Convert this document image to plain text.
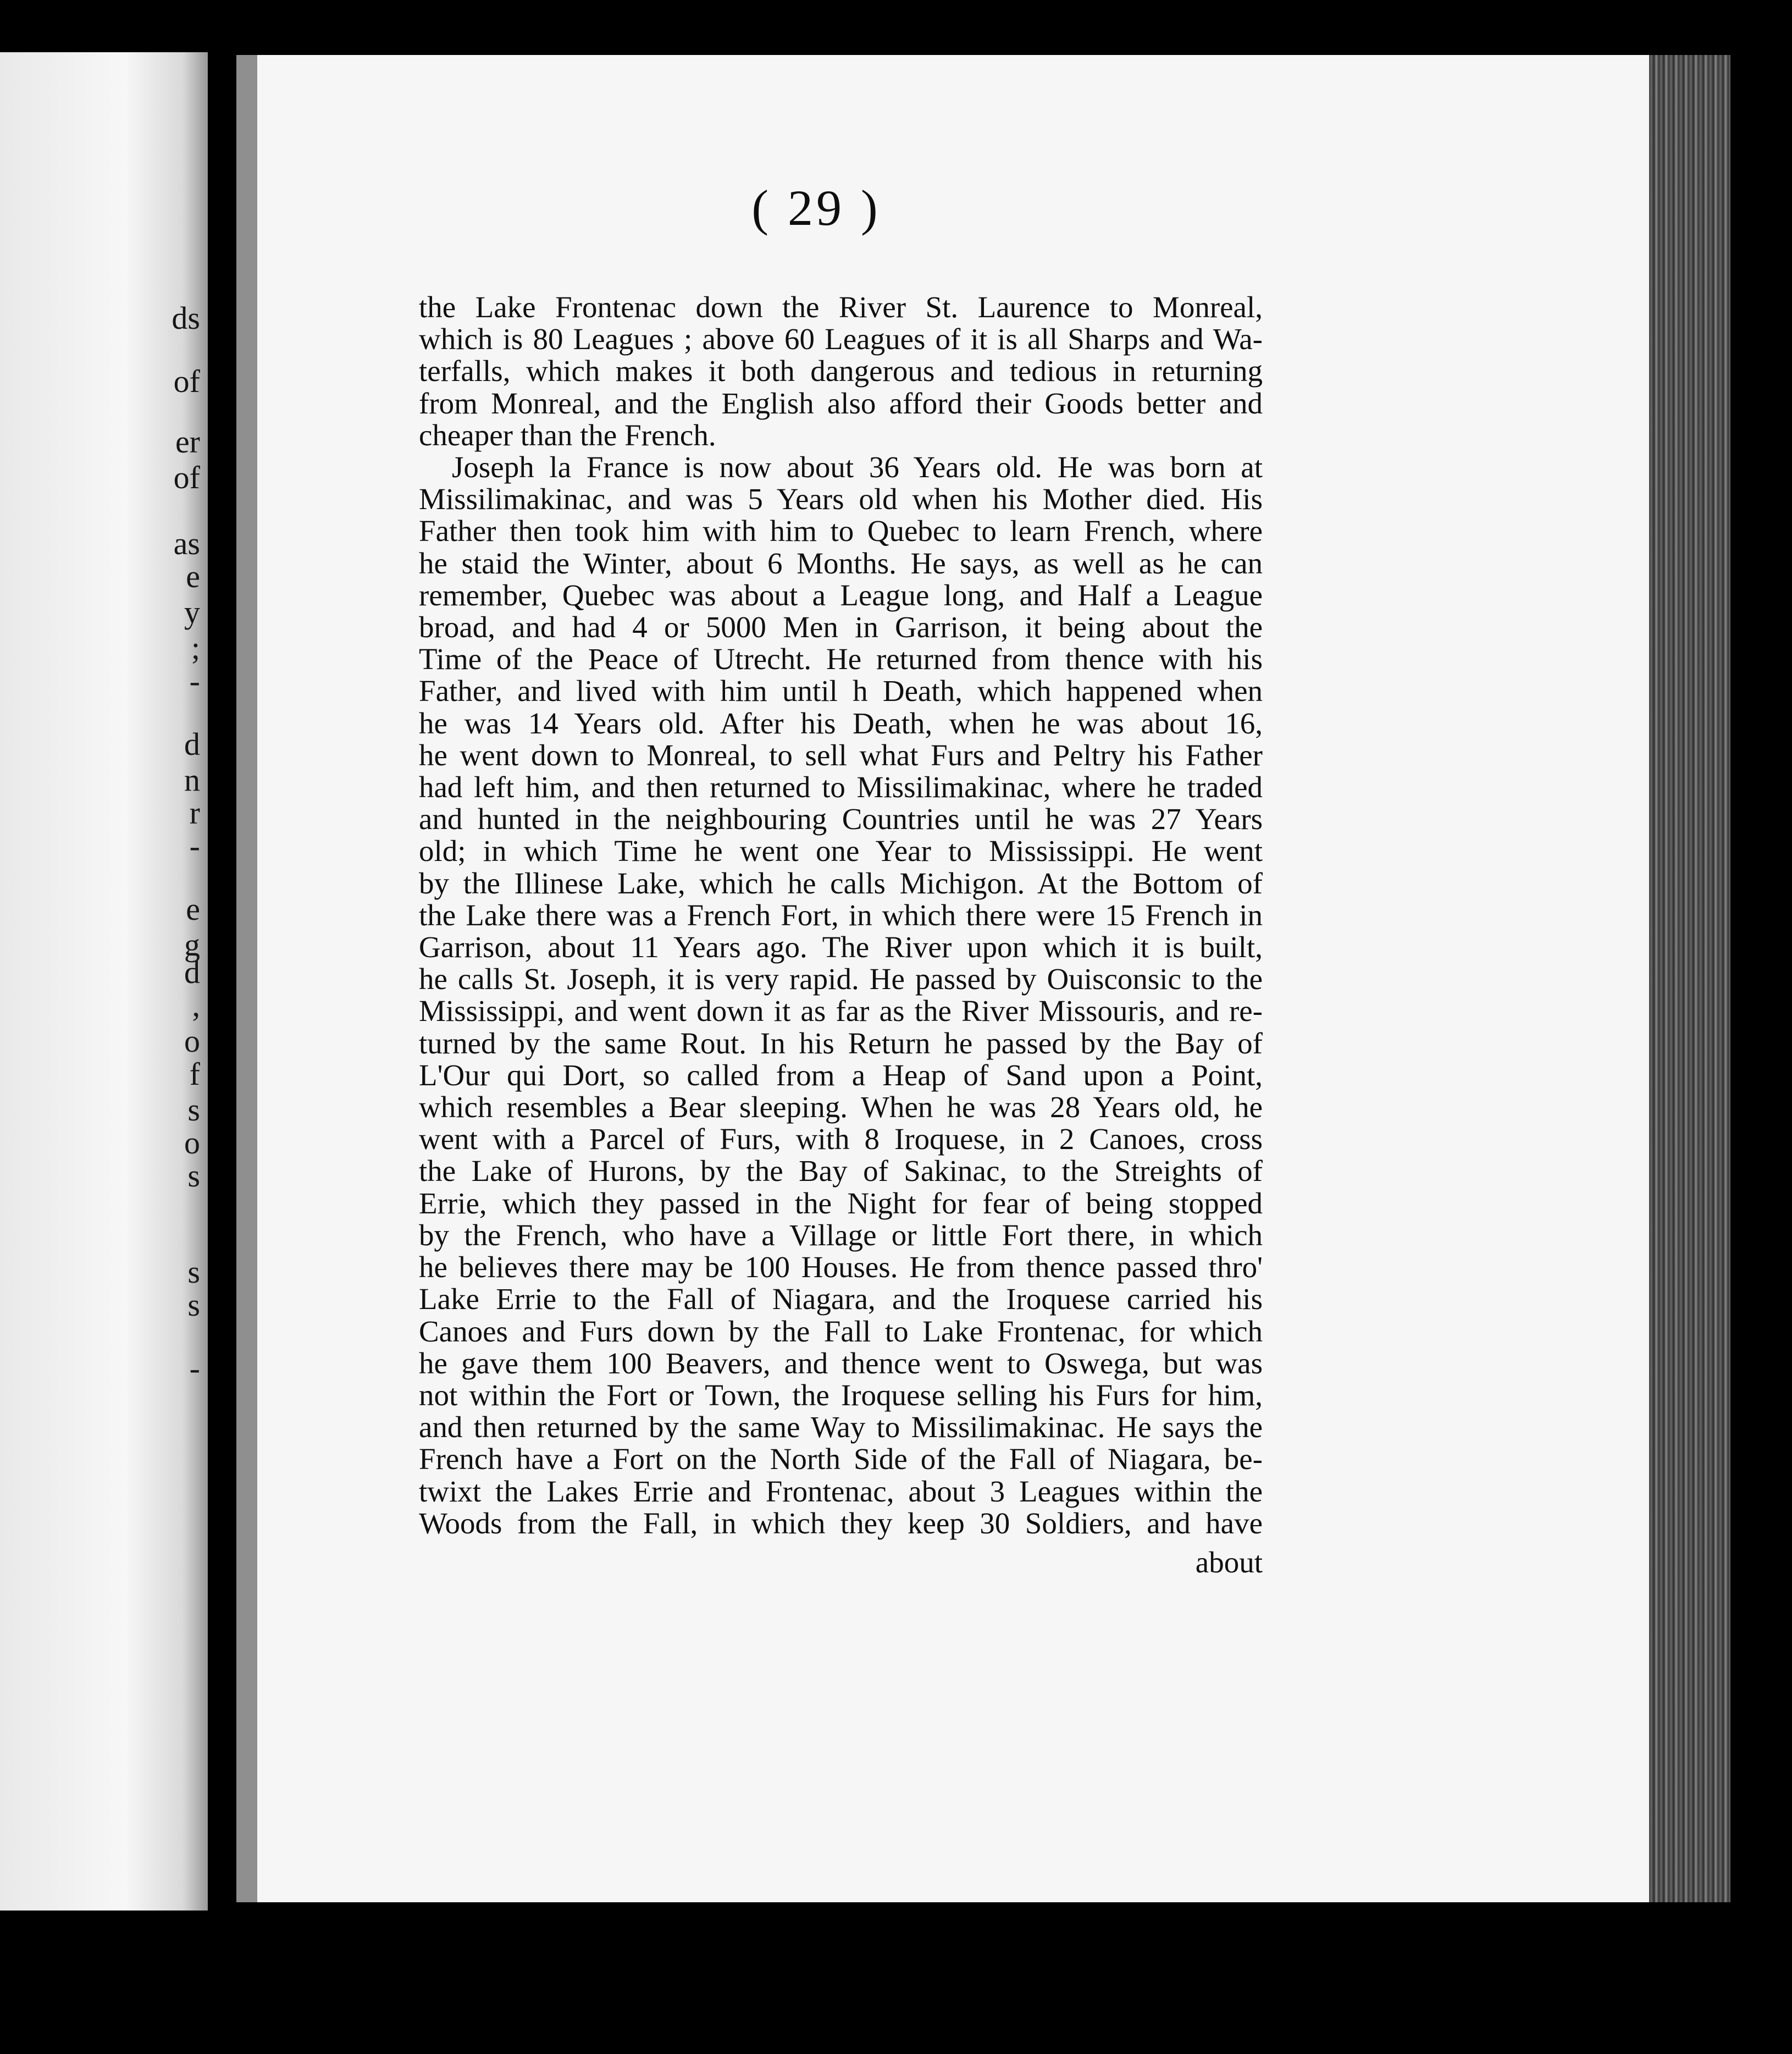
ds
of
er
of
as
e
y
;
-
d
n
r
-
e
g
d
,
o
f
s
o
s
s
s
-
( 29 )
the Lake Frontenac down the River St. Laurence to Monreal,
which is 80 Leagues ; above 60 Leagues of it is all Sharps and Wa-
terfalls, which makes it both dangerous and tedious in returning
from Monreal, and the English also afford their Goods better and
cheaper than the French.
Joseph la France is now about 36 Years old. He was born at
Missilimakinac, and was 5 Years old when his Mother died. His
Father then took him with him to Quebec to learn French, where
he staid the Winter, about 6 Months. He says, as well as he can
remember, Quebec was about a League long, and Half a League
broad, and had 4 or 5000 Men in Garrison, it being about the
Time of the Peace of Utrecht. He returned from thence with his
Father, and lived with him until h Death, which happened when
he was 14 Years old. After his Death, when he was about 16,
he went down to Monreal, to sell what Furs and Peltry his Father
had left him, and then returned to Missilimakinac, where he traded
and hunted in the neighbouring Countries until he was 27 Years
old; in which Time he went one Year to Mississippi. He went
by the Illinese Lake, which he calls Michigon. At the Bottom of
the Lake there was a French Fort, in which there were 15 French in
Garrison, about 11 Years ago. The River upon which it is built,
he calls St. Joseph, it is very rapid. He passed by Ouisconsic to the
Mississippi, and went down it as far as the River Missouris, and re-
turned by the same Rout. In his Return he passed by the Bay of
L'Our qui Dort, so called from a Heap of Sand upon a Point,
which resembles a Bear sleeping. When he was 28 Years old, he
went with a Parcel of Furs, with 8 Iroquese, in 2 Canoes, cross
the Lake of Hurons, by the Bay of Sakinac, to the Streights of
Errie, which they passed in the Night for fear of being stopped
by the French, who have a Village or little Fort there, in which
he believes there may be 100 Houses. He from thence passed thro'
Lake Errie to the Fall of Niagara, and the Iroquese carried his
Canoes and Furs down by the Fall to Lake Frontenac, for which
he gave them 100 Beavers, and thence went to Oswega, but was
not within the Fort or Town, the Iroquese selling his Furs for him,
and then returned by the same Way to Missilimakinac. He says the
French have a Fort on the North Side of the Fall of Niagara, be-
twixt the Lakes Errie and Frontenac, about 3 Leagues within the
Woods from the Fall, in which they keep 30 Soldiers, and have
about
